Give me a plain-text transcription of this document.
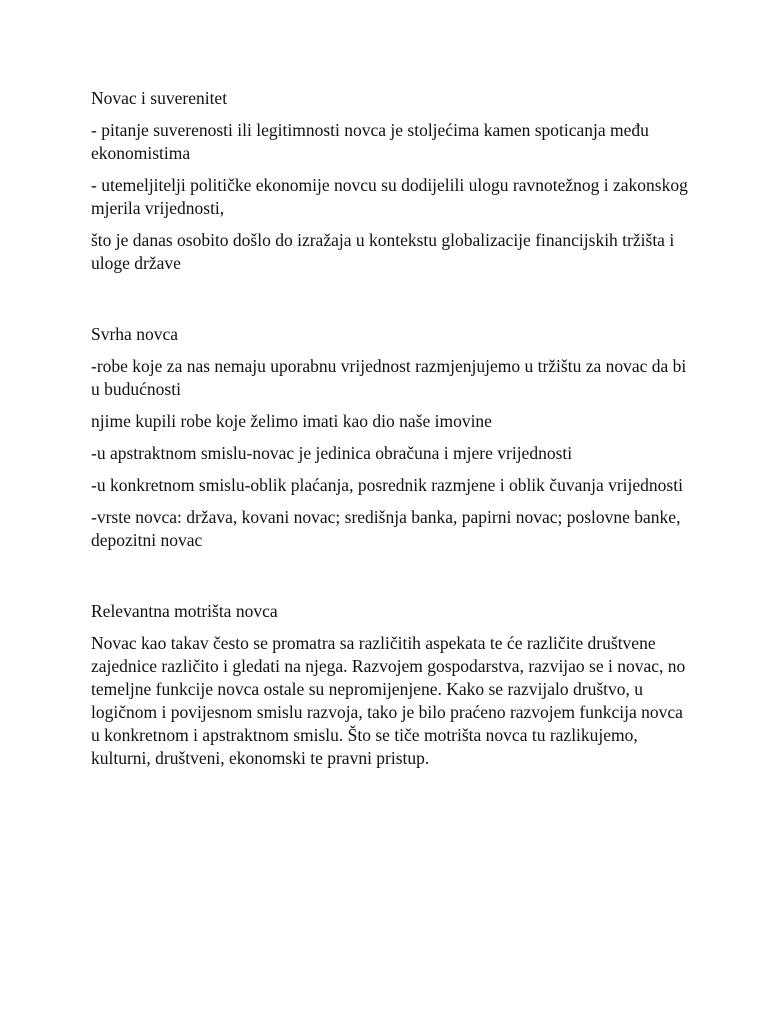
Novac i suverenitet

- pitanje suverenosti ili legitimnosti novca je stoljećima kamen spoticanja među ekonomistima

- utemeljitelji političke ekonomije novcu su dodijelili ulogu ravnotežnog i zakonskog mjerila vrijednosti,

što je danas osobito došlo do izražaja u kontekstu globalizacije financijskih tržišta i uloge države

Svrha novca

-robe koje za nas nemaju uporabnu vrijednost razmjenjujemo u tržištu za novac da bi u budućnosti

njime kupili robe koje želimo imati kao dio naše imovine

-u apstraktnom smislu-novac je jedinica obračuna i mjere vrijednosti

-u konkretnom smislu-oblik plaćanja, posrednik razmjene i oblik čuvanja vrijednosti

-vrste novca: država, kovani novac; središnja banka, papirni novac; poslovne banke, depozitni novac

Relevantna motrišta novca

Novac kao takav često se promatra sa različitih aspekata te će različite društvene zajednice različito i gledati na njega. Razvojem gospodarstva, razvijao se i novac, no temeljne funkcije novca ostale su nepromijenjene. Kako se razvijalo društvo, u logičnom i povijesnom smislu razvoja, tako je bilo praćeno razvojem funkcija novca u konkretnom i apstraktnom smislu. Što se tiče motrišta novca tu razlikujemo, kulturni, društveni, ekonomski te pravni pristup.
